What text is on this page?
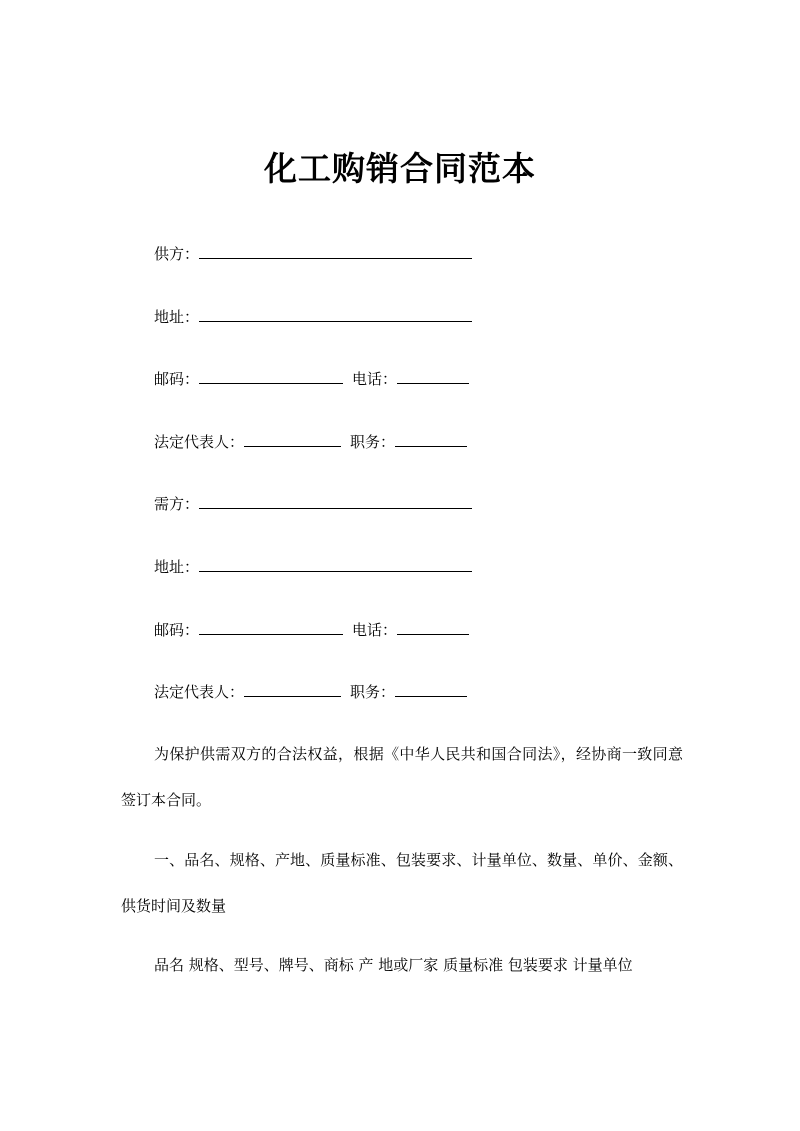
化工购销合同范本
供方：
地址：
邮码：	电话：
法定代表人：	职务：
需方：
地址：
邮码：	电话：
法定代表人：	职务：

为保护供需双方的合法权益，根据《中华人民共和国合同法》，经协商一致同意签订本合同。

一、品名、规格、产地、质量标准、包装要求、计量单位、数量、单价、金额、供货时间及数量

品名 规格、型号、牌号、商标 产 地或厂家 质量标准 包装要求 计量单位
